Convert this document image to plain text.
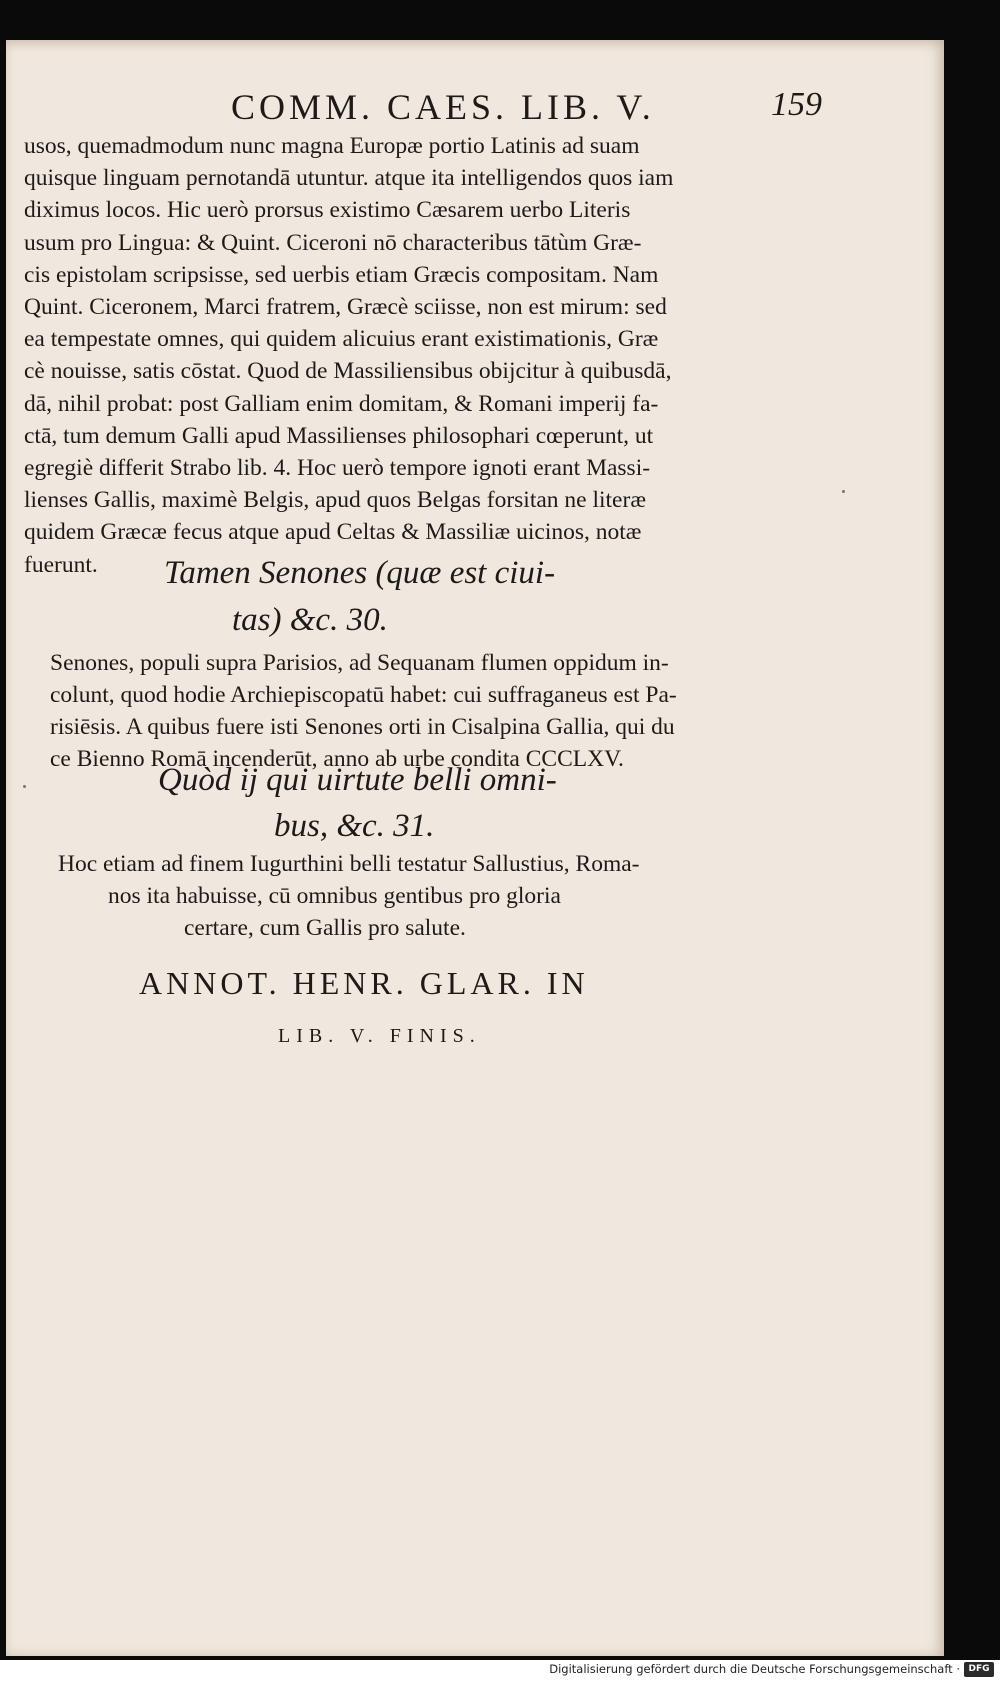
COMM. CAES. LIB. V.	159

usos, quemadmodum nunc magna Europæ portio Latinis ad suam
quisque linguam pernotandā utuntur. atque ita intelligendos quos iam
diximus locos. Hic uerò prorsus existimo Cæsarem uerbo Literis
usum pro Lingua: & Quint. Ciceroni nō characteribus tātùm Græ-
cis epistolam scripsisse, sed uerbis etiam Græcis compositam. Nam
Quint. Ciceronem, Marci fratrem, Græcè sciisse, non est mirum: sed
ea tempestate omnes, qui quidem alicuius erant existimationis, Græ
cè nouisse, satis cōstat. Quod de Massiliensibus obijcitur à quibusdā,
dā, nihil probat: post Galliam enim domitam, & Romani imperij fa-
ctā, tum demum Galli apud Massilienses philosophari cœperunt, ut
egregiè differit Strabo lib. 4. Hoc uerò tempore ignoti erant Massi-
lienses Gallis, maximè Belgis, apud quos Belgas forsitan ne literæ
quidem Græcæ fecus atque apud Celtas & Massiliæ uicinos, notæ
fuerunt.	Tamen Senones (quæ est ciui-
tas) &c. 30.

Senones, populi supra Parisios, ad Sequanam flumen oppidum in-
colunt, quod hodie Archiepiscopatū habet: cui suffraganeus est Pa-
risiēsis. A quibus fuere isti Senones orti in Cisalpina Gallia, qui du
ce Bienno Romā incenderūt, anno ab urbe condita CCCLXV.

Quòd ij qui uirtute belli omni-
bus, &c. 31.

Hoc etiam ad finem Iugurthini belli testatur Sallustius, Roma-
nos ita habuisse, cū omnibus gentibus pro gloria
certare, cum Gallis pro salute.

ANNOT. HENR. GLAR. IN
LIB. V. FINIS.
Digitalisierung gefördert durch die Deutsche Forschungsgemeinschaft · DFG
